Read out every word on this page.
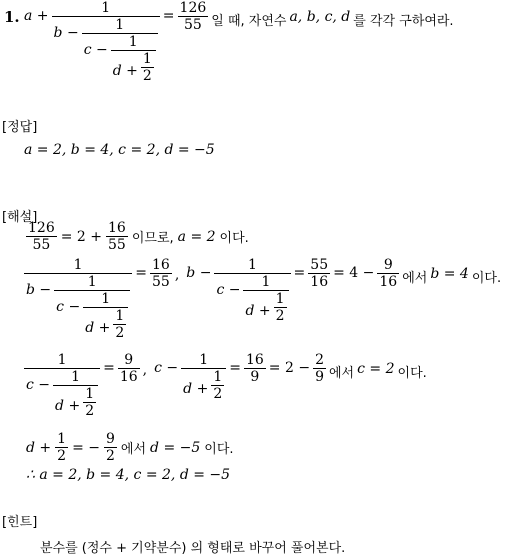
1. a +	1
b −	1
c − 1
$d + \frac{1}{2}$
= $\frac{126}{55}$ 일 때, 자연수 a, b, c, d 를 각각 구하여라.
[정답]
a = 2, b = 4, c = 2, d = −5
[해설]
$\frac{126}{55} = 2 + \frac{16}{55}$ 이므로, a = 2 이다.
1
b −	1
c − 1
$d + \frac{1}{2}$
= $\frac{16}{55}$ , b −	1
c − 1
$d + \frac{1}{2}$
= $\frac{55}{16} = 4 - \frac{9}{16}$ 에서 b = 4 이다.
1
c − 1
$d + \frac{1}{2}$
= $\frac{9}{16}$ , $c - \frac{1}{d + \frac{1}{2}} = \frac{16}{9} = 2 - \frac{2}{9}$ 에서 c = 2 이다.
$d + \frac{1}{2}$ = − $\frac{9}{2}$ 에서 d = −5 이다.
∴ a = 2, b = 4, c = 2, d = −5
[힌트]
분수를 (정수 + 기약분수) 의 형태로 바꾸어 풀어본다.
